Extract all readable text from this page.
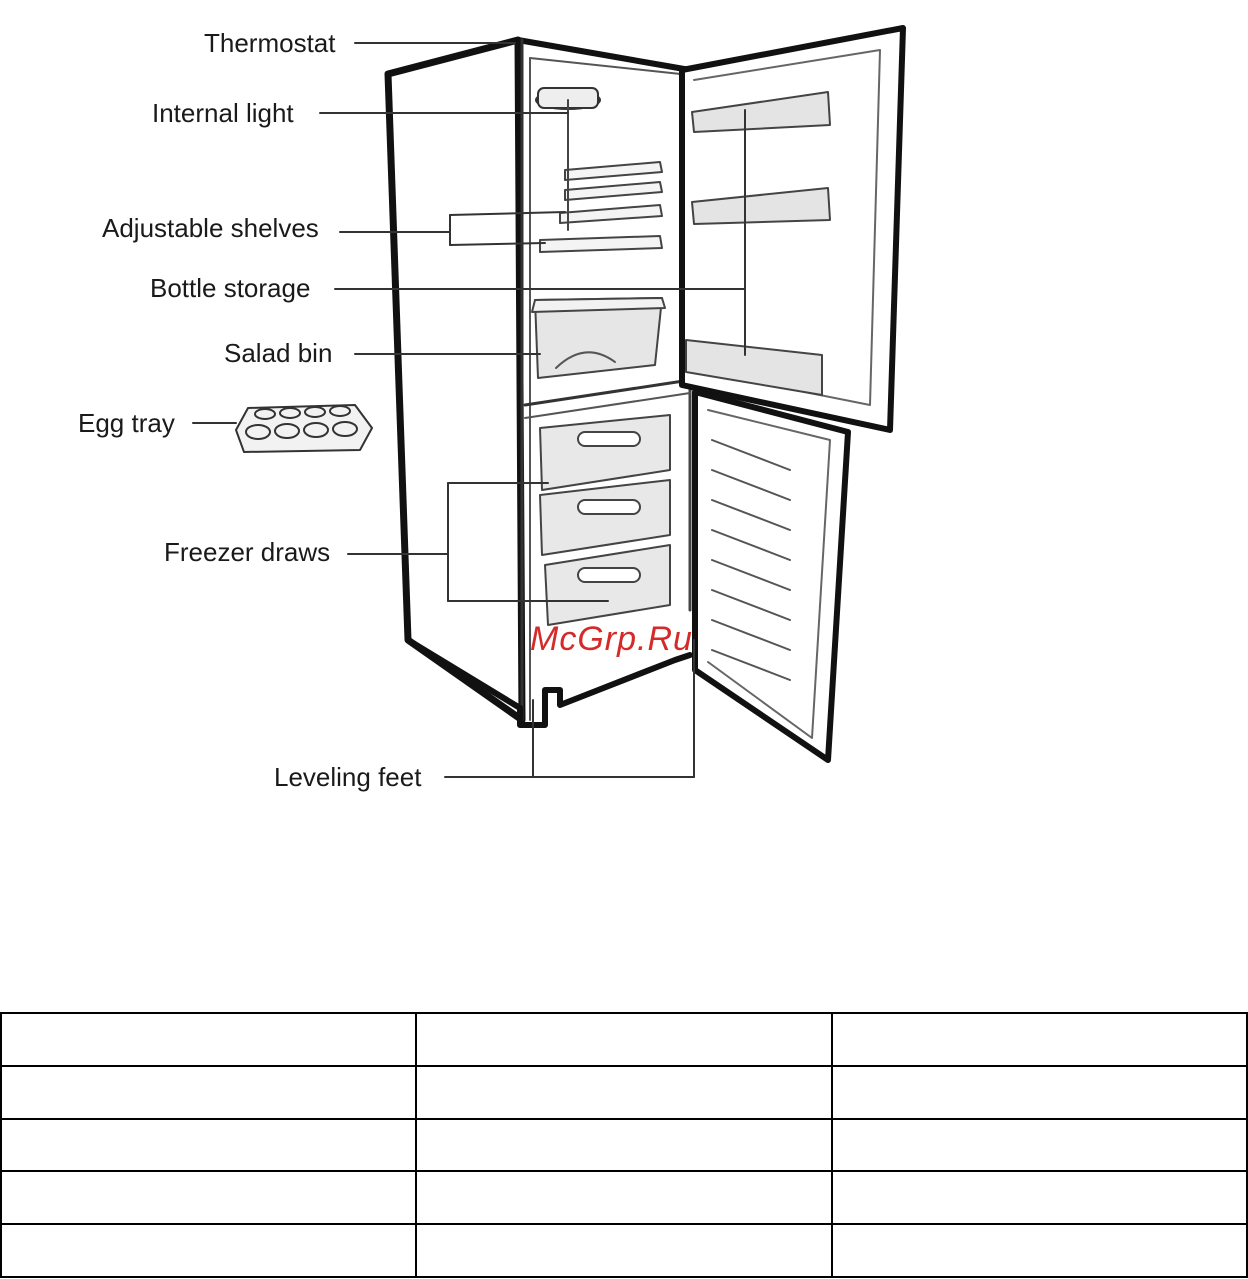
Thermostat
Internal light
Adjustable shelves
Bottle storage
Salad bin
Egg tray
Freezer draws
Leveling feet
McGrp.Ru
